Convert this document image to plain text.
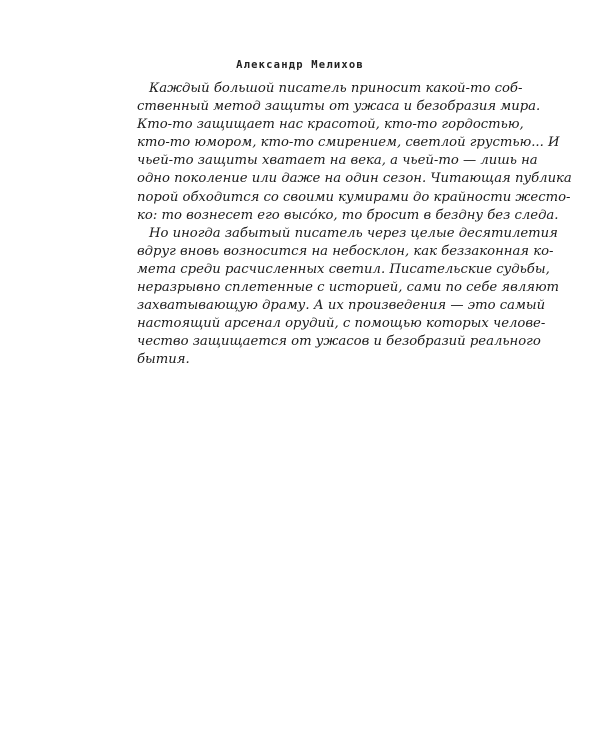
Александр Мелихов
Каждый большой писатель приносит какой-то соб-
ственный метод защиты от ужаса и безобразия мира.
Кто-то защищает нас красотой, кто-то гордостью,
кто-то юмором, кто-то смирением, светлой грустью... И
чьей-то защиты хватает на века, а чьей-то — лишь на
одно поколение или даже на один сезон. Читающая публика
порой обходится со своими кумирами до крайности жесто-
ко: то вознесет его высо́ко, то бросит в бездну без следа.
Но иногда забытый писатель через целые десятилетия
вдруг вновь возносится на небосклон, как беззаконная ко-
мета среди расчисленных светил. Писательские судьбы,
неразрывно сплетенные с историей, сами по себе являют
захватывающую драму. А их произведения — это самый
настоящий арсенал орудий, с помощью которых челове-
чество защищается от ужасов и безобразий реального
бытия.
